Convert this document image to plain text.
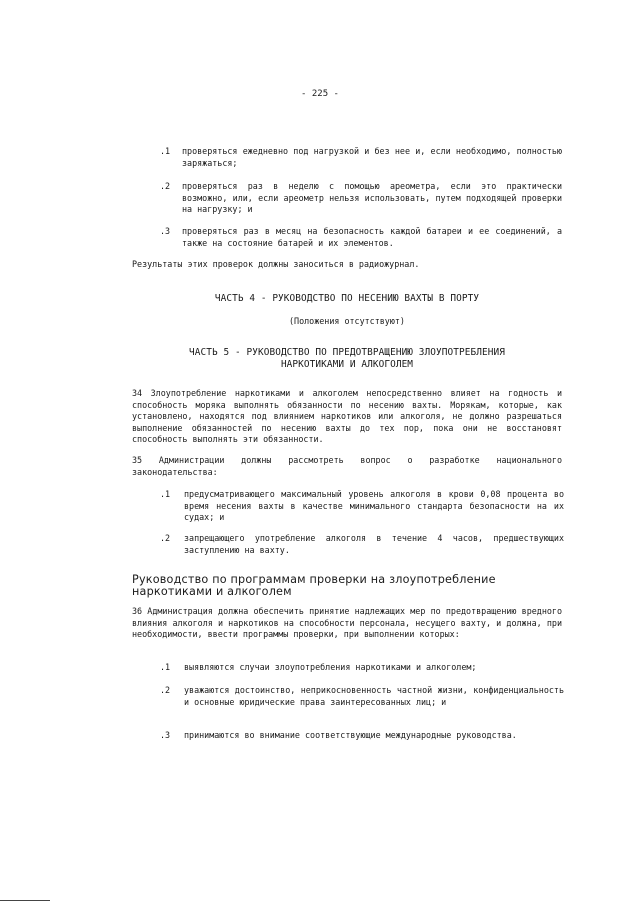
- 225 -
.1 проверяться ежедневно под нагрузкой и без нее и, если необходимо, полностью заряжаться;
.2 проверяться раз в неделю с помощью ареометра, если это практически возможно, или, если ареометр нельзя использовать, путем подходящей проверки на нагрузку; и
.3 проверяться раз в месяц на безопасность каждой батареи и ее соединений, а также на состояние батарей и их элементов.
Результаты этих проверок должны заноситься в радиожурнал.
ЧАСТЬ 4 - РУКОВОДСТВО ПО НЕСЕНИЮ ВАХТЫ В ПОРТУ
(Положения отсутствуют)
ЧАСТЬ 5 - РУКОВОДСТВО ПО ПРЕДОТВРАЩЕНИЮ ЗЛОУПОТРЕБЛЕНИЯ
НАРКОТИКАМИ И АЛКОГОЛЕМ
34 Злоупотребление наркотиками и алкоголем непосредственно влияет на годность и способность моряка выполнять обязанности по несению вахты. Морякам, которые, как установлено, находятся под влиянием наркотиков или алкоголя, не должно разрешаться выполнение обязанностей по несению вахты до тех пор, пока они не восстановят способность выполнять эти обязанности.
35 Администрации должны рассмотреть вопрос о разработке национального законодательства:
.1 предусматривающего максимальный уровень алкоголя в крови 0,08 процента во время несения вахты в качестве минимального стандарта безопасности на их судах; и
.2 запрещающего употребление алкоголя в течение 4 часов, предшествующих заступлению на вахту.
Руководство по программам проверки на злоупотребление
наркотиками и алкоголем
36 Администрация должна обеспечить принятие надлежащих мер по предотвращению вредного влияния алкоголя и наркотиков на способности персонала, несущего вахту, и должна, при необходимости, ввести программы проверки, при выполнении которых:
.1 выявляются случаи злоупотребления наркотиками и алкоголем;
.2 уважаются достоинство, неприкосновенность частной жизни, конфиденциальность и основные юридические права заинтересованных лиц; и
.3 принимаются во внимание соответствующие международные руководства.
